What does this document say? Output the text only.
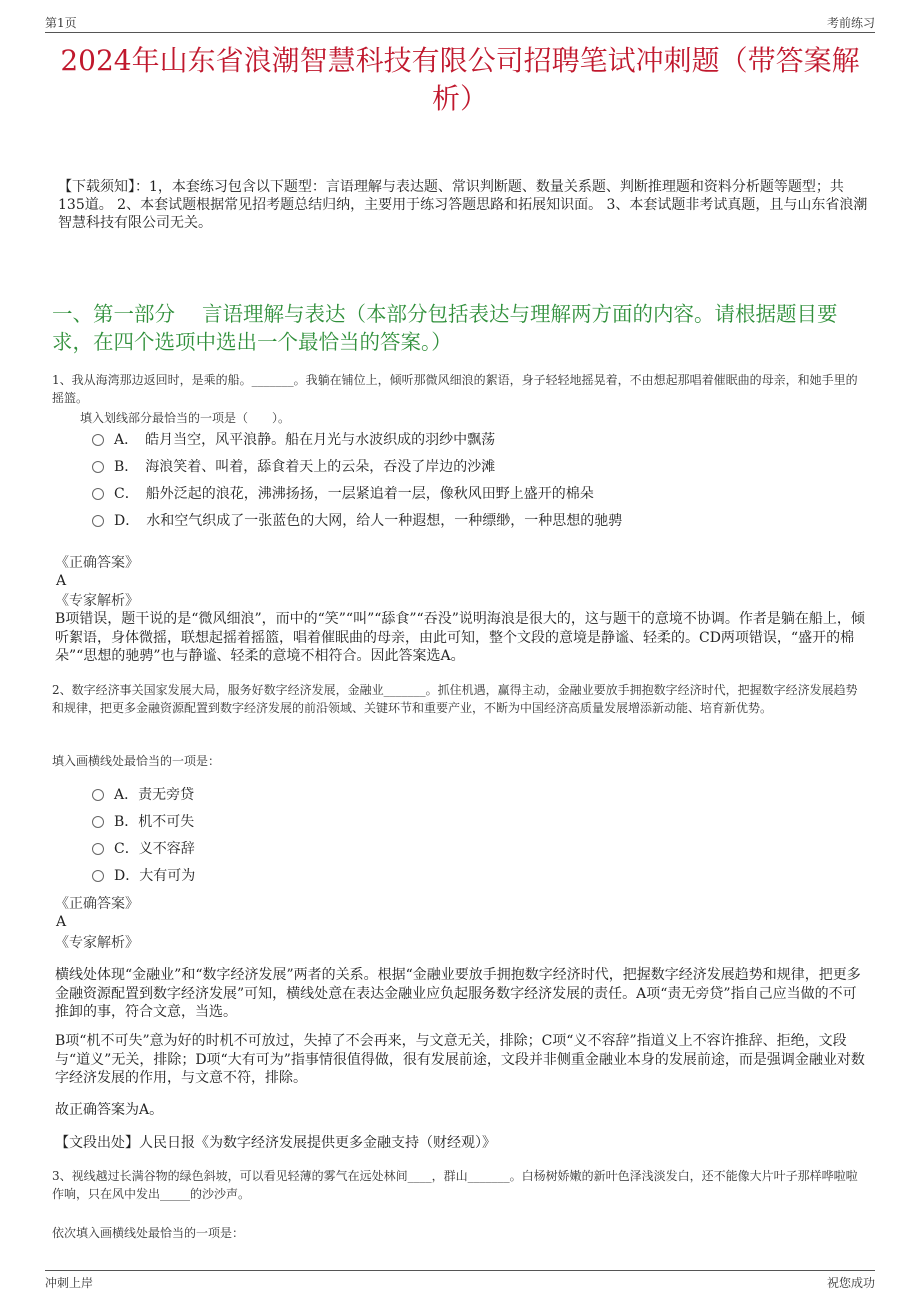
第1页	考前练习
2024年山东省浪潮智慧科技有限公司招聘笔试冲刺题（带答案解析）
【下载须知】：1，本套练习包含以下题型：言语理解与表达题、常识判断题、数量关系题、判断推理题和资料分析题等题型；共135道。 2、本套试题根据常见招考题总结归纳，主要用于练习答题思路和拓展知识面。 3、本套试题非考试真题，且与山东省浪潮智慧科技有限公司无关。
一、第一部分　 言语理解与表达（本部分包括表达与理解两方面的内容。请根据题目要求，在四个选项中选出一个最恰当的答案。）
1、我从海湾那边返回时，是乘的船。_______。我躺在铺位上，倾听那微风细浪的絮语，身子轻轻地摇晃着，不由想起那唱着催眠曲的母亲，和她手里的摇篮。
填入划线部分最恰当的一项是（　　）。
A．　皓月当空，风平浪静。船在月光与水波织成的羽纱中飘荡
B．　海浪笑着、叫着，舔食着天上的云朵，吞没了岸边的沙滩
C．　船外泛起的浪花，沸沸扬扬，一层紧追着一层，像秋风田野上盛开的棉朵
D．　水和空气织成了一张蓝色的大网，给人一种遐想，一种缥缈，一种思想的驰骋
《正确答案》
A
《专家解析》
B项错误，题干说的是“微风细浪”，而中的“笑”“叫”“舔食”“吞没”说明海浪是很大的，这与题干的意境不协调。作者是躺在船上，倾听絮语，身体微摇，联想起摇着摇篮，唱着催眠曲的母亲，由此可知，整个文段的意境是静谧、轻柔的。CD两项错误，“盛开的棉朵”“思想的驰骋”也与静谧、轻柔的意境不相符合。因此答案选A。
2、数字经济事关国家发展大局，服务好数字经济发展，金融业_______。抓住机遇，赢得主动，金融业要放手拥抱数字经济时代，把握数字经济发展趋势和规律，把更多金融资源配置到数字经济发展的前沿领域、关键环节和重要产业，不断为中国经济高质量发展增添新动能、培育新优势。
填入画横线处最恰当的一项是：
A．责无旁贷
B．机不可失
C．义不容辞
D．大有可为
《正确答案》
A
《专家解析》
横线处体现“金融业”和“数字经济发展”两者的关系。根据“金融业要放手拥抱数字经济时代，把握数字经济发展趋势和规律，把更多金融资源配置到数字经济发展”可知，横线处意在表达金融业应负起服务数字经济发展的责任。A项“责无旁贷”指自己应当做的不可推卸的事，符合文意，当选。
B项“机不可失”意为好的时机不可放过，失掉了不会再来，与文意无关，排除；C项“义不容辞”指道义上不容许推辞、拒绝，文段与“道义”无关，排除；D项“大有可为”指事情很值得做，很有发展前途，文段并非侧重金融业本身的发展前途，而是强调金融业对数字经济发展的作用，与文意不符，排除。
故正确答案为A。
【文段出处】人民日报《为数字经济发展提供更多金融支持（财经观）》
3、视线越过长满谷物的绿色斜坡，可以看见轻薄的雾气在远处林间____，群山_______。白杨树娇嫩的新叶色泽浅淡发白，还不能像大片叶子那样哗啦啦作响，只在风中发出_____的沙沙声。
依次填入画横线处最恰当的一项是：
冲刺上岸	祝您成功
